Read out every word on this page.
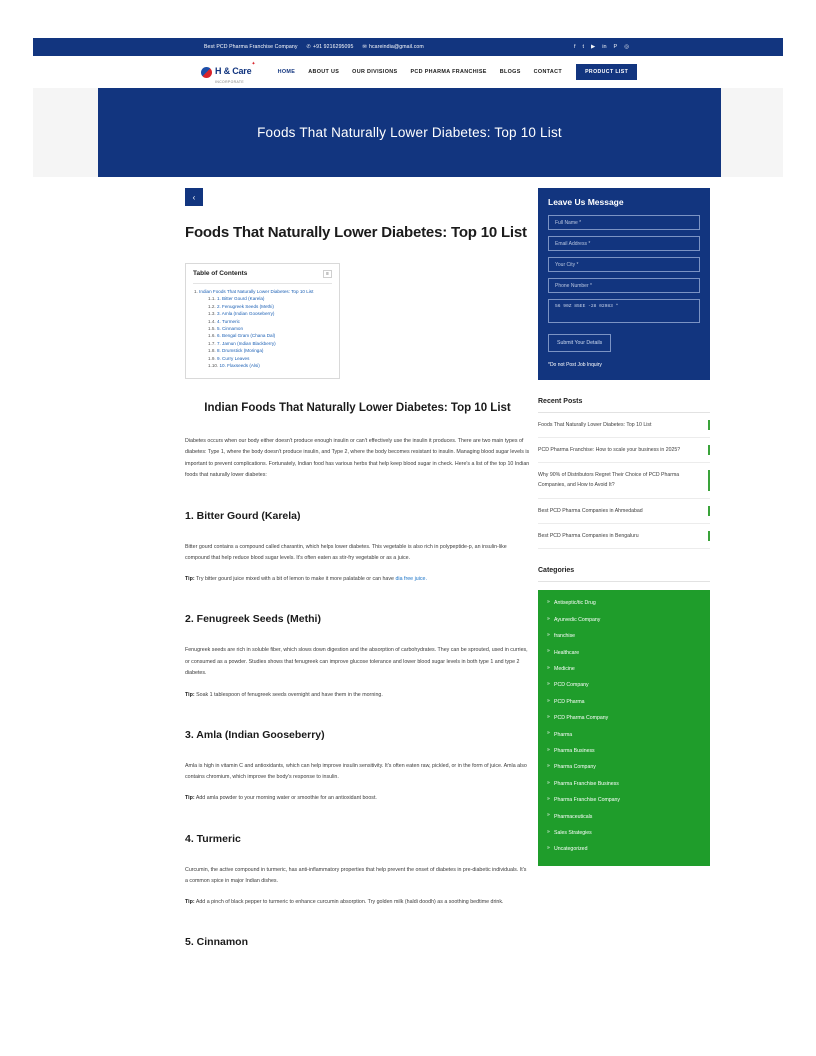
Best PCD Pharma Franchise Company ✆ +91 9216295095 ✉ hcareindia@gmail.com	f t ▶ in P ◎
H & Care✦
INCORPORATE
HOME ABOUT US OUR DIVISIONS PCD PHARMA FRANCHISE BLOGS CONTACT	PRODUCT LIST
Foods That Naturally Lower Diabetes: Top 10 List
‹
Foods That Naturally Lower Diabetes: Top 10 List
Table of Contents	≡
1. Indian Foods That Naturally Lower Diabetes: Top 10 List
1.1. 1. Bitter Gourd (Karela)
1.2. 2. Fenugreek Seeds (Methi)
1.3. 3. Amla (Indian Gooseberry)
1.4. 4. Turmeric
1.5. 5. Cinnamon
1.6. 6. Bengal Gram (Chana Dal)
1.7. 7. Jamun (Indian Blackberry)
1.8. 8. Drumstick (Moringa)
1.9. 9. Curry Leaves
1.10. 10. Flaxseeds (Alsi)
Indian Foods That Naturally Lower Diabetes: Top 10 List

Diabetes occurs when our body either doesn't produce enough insulin or can't effectively use the insulin it produces. There are two main types of diabetes: Type 1, where the body doesn't produce insulin, and Type 2, where the body becomes resistant to insulin. Managing blood sugar levels is important to prevent complications. Fortunately, Indian food has various herbs that help keep blood sugar in check. Here's a list of the top 10 Indian foods that naturally lower diabetes:

1. Bitter Gourd (Karela)

Bitter gourd contains a compound called charantin, which helps lower diabetes. This vegetable is also rich in polypeptide-p, an insulin-like compound that help reduce blood sugar levels. It's often eaten as stir-fry vegetable or as a juice.

Tip: Try bitter gourd juice mixed with a bit of lemon to make it more palatable or can have dia free juice.

2. Fenugreek Seeds (Methi)

Fenugreek seeds are rich in soluble fiber, which slows down digestion and the absorption of carbohydrates. They can be sprouted, used in curries, or consumed as a powder. Studies shows that fenugreek can improve glucose tolerance and lower blood sugar levels in both type 1 and type 2 diabetes.

Tip: Soak 1 tablespoon of fenugreek seeds overnight and have them in the morning.

3. Amla (Indian Gooseberry)

Amla is high in vitamin C and antioxidants, which can help improve insulin sensitivity. It's often eaten raw, pickled, or in the form of juice. Amla also contains chromium, which improve the body's response to insulin.

Tip: Add amla powder to your morning water or smoothie for an antioxidant boost.

4. Turmeric

Curcumin, the active compound in turmeric, has anti-inflammatory properties that help prevent the onset of diabetes in pre-diabetic individuals. It's a common spice in major Indian dishes.

Tip: Add a pinch of black pepper to turmeric to enhance curcumin absorption. Try golden milk (haldi doodh) as a soothing bedtime drink.

5. Cinnamon
Leave Us Message
Full Name *
Email Address *
Your City *
Phone Number *
56 90Z 85EE -28 02983 *
Submit Your Details
*Do not Post Job Inquiry
Recent Posts
Foods That Naturally Lower Diabetes: Top 10 List
PCD Pharma Franchise: How to scale your business in 2025?
Why 90% of Distributors Regret Their Choice of PCD Pharma Companies, and How to Avoid It?
Best PCD Pharma Companies in Ahmedabad
Best PCD Pharma Companies in Bengaluru
Categories
» Antiseptic/tic Drug
» Ayurvedic Company
» franchise
» Healthcare
» Medicine
» PCD Company
» PCD Pharma
» PCD Pharma Company
» Pharma
» Pharma Business
» Pharma Company
» Pharma Franchise Business
» Pharma Franchise Company
» Pharmaceuticals
» Sales Strategies
» Uncategorized
